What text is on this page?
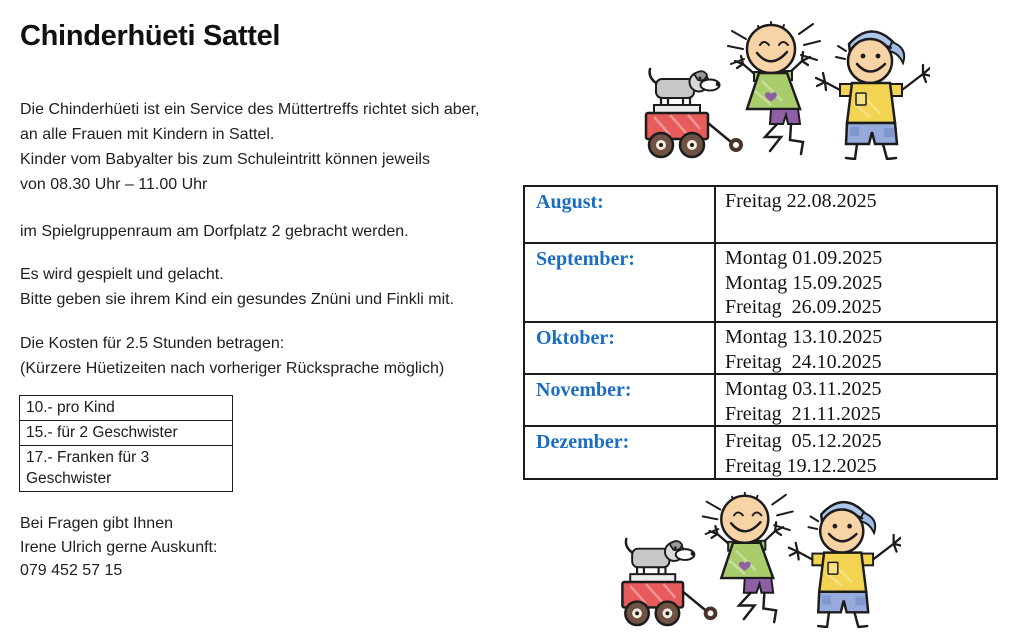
Chinderhüeti Sattel
Die Chinderhüeti ist ein Service des Müttertreffs richtet sich aber,
an alle Frauen mit Kindern in Sattel.
Kinder vom Babyalter bis zum Schuleintritt können jeweils
von 08.30 Uhr – 11.00 Uhr
im Spielgruppenraum am Dorfplatz 2 gebracht werden.
Es wird gespielt und gelacht.
Bitte geben sie ihrem Kind ein gesundes Znüni und Finkli mit.
Die Kosten für 2.5 Stunden betragen:
(Kürzere Hüetizeiten nach vorheriger Rücksprache möglich)
10.- pro Kind
15.- für 2 Geschwister
17.- Franken für 3 Geschwister
Bei Fragen gibt Ihnen
Irene Ulrich gerne Auskunft:
079 452 57 15
August:	Freitag 22.08.2025
September:	Montag 01.09.2025
Montag 15.09.2025
Freitag  26.09.2025
Oktober:	Montag 13.10.2025
Freitag  24.10.2025
November:	Montag 03.11.2025
Freitag  21.11.2025
Dezember:	Freitag  05.12.2025
Freitag 19.12.2025
